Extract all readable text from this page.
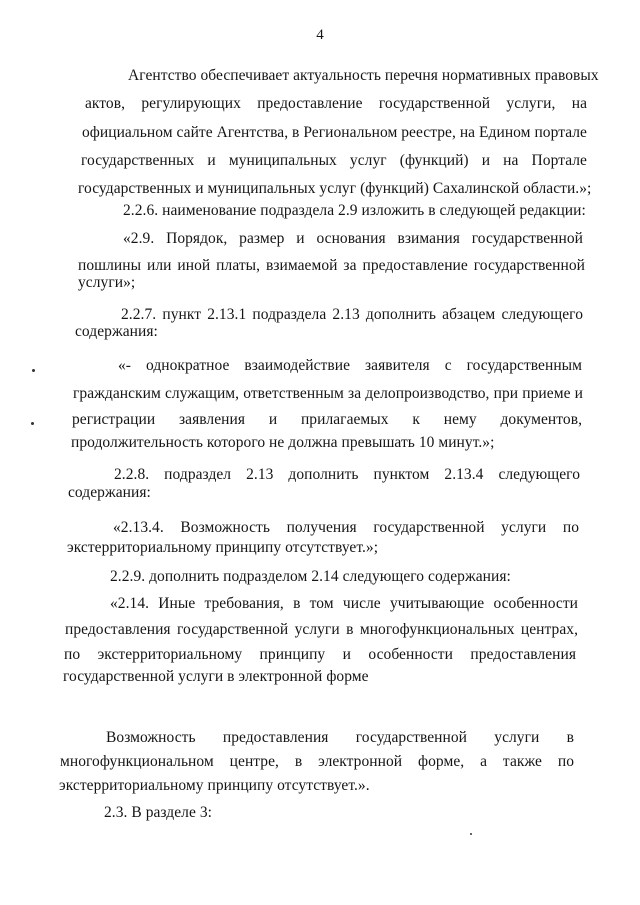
4
Агентство обеспечивает актуальность перечня нормативных правовых
актов, регулирующих предоставление государственной услуги, на
официальном сайте Агентства, в Региональном реестре, на Едином портале
государственных и муниципальных услуг (функций) и на Портале
государственных и муниципальных услуг (функций) Сахалинской области.»;
2.2.6. наименование подраздела 2.9 изложить в следующей редакции:
«2.9. Порядок, размер и основания взимания государственной
пошлины или иной платы, взимаемой за предоставление государственной
услуги»;
2.2.7. пункт 2.13.1 подраздела 2.13 дополнить абзацем следующего
содержания:
«- однократное взаимодействие заявителя с государственным
гражданским служащим, ответственным за делопроизводство, при приеме и
регистрации заявления и прилагаемых к нему документов,
продолжительность которого не должна превышать 10 минут.»;
2.2.8. подраздел 2.13 дополнить пунктом 2.13.4 следующего
содержания:
«2.13.4. Возможность получения государственной услуги по
экстерриториальному принципу отсутствует.»;
2.2.9. дополнить подразделом 2.14 следующего содержания:
«2.14. Иные требования, в том числе учитывающие особенности
предоставления государственной услуги в многофункциональных центрах,
по экстерриториальному принципу и особенности предоставления
государственной услуги в электронной форме
Возможность предоставления государственной услуги в
многофункциональном центре, в электронной форме, а также по
экстерриториальному принципу отсутствует.».
2.3. В разделе 3:
